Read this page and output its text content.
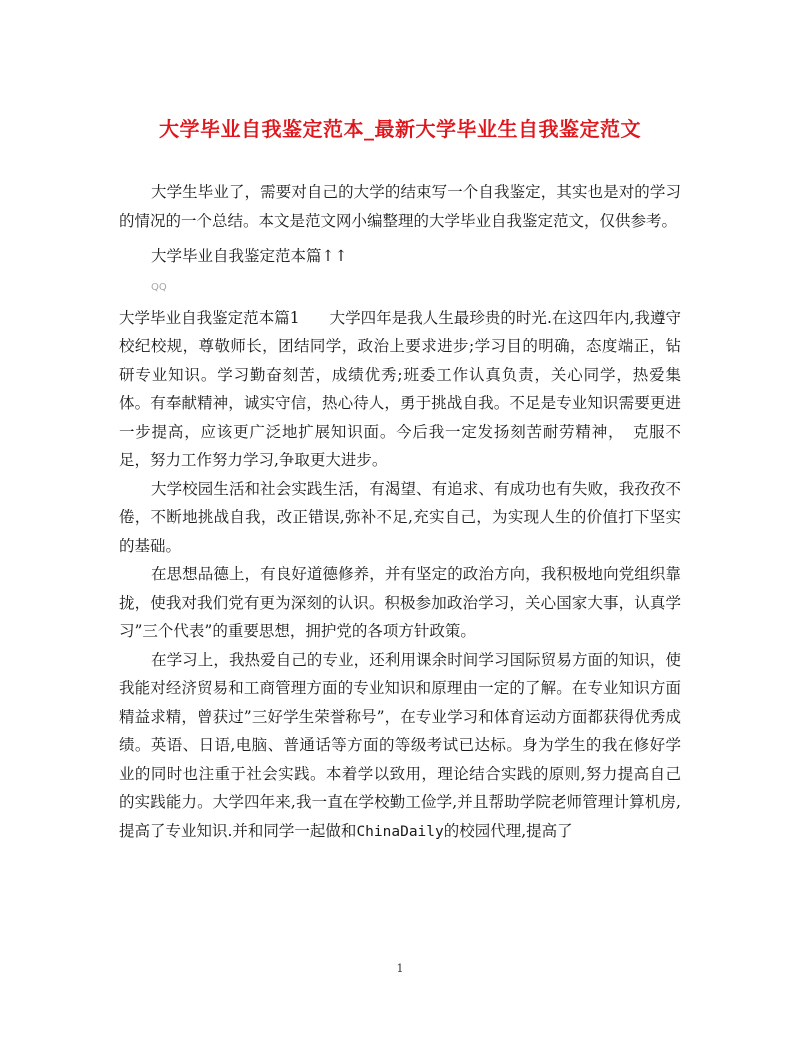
大学毕业自我鉴定范本_最新大学毕业生自我鉴定范文

大学生毕业了，需要对自己的大学的结束写一个自我鉴定，其实也是对的学习的情况的一个总结。本文是范文网小编整理的大学毕业自我鉴定范文，仅供参考。

大学毕业自我鉴定范本篇↑↑

QQ

大学毕业自我鉴定范本篇1 大学四年是我人生最珍贵的时光.在这四年内,我遵守校纪校规，尊敬师长，团结同学，政治上要求进步;学习目的明确，态度端正，钻研专业知识。学习勤奋刻苦，成绩优秀;班委工作认真负责，关心同学，热爱集体。有奉献精神，诚实守信，热心待人，勇于挑战自我。不足是专业知识需要更进一步提高，应该更广泛地扩展知识面。今后我一定发扬刻苦耐劳精神，　克服不足，努力工作努力学习,争取更大进步。

大学校园生活和社会实践生活，有渴望、有追求、有成功也有失败，我孜孜不倦，不断地挑战自我，改正错误,弥补不足,充实自己，为实现人生的价值打下坚实的基础。

在思想品德上，有良好道德修养，并有坚定的政治方向，我积极地向党组织靠拢，使我对我们党有更为深刻的认识。积极参加政治学习，关心国家大事，认真学习”三个代表”的重要思想，拥护党的各项方针政策。

在学习上，我热爱自己的专业，还利用课余时间学习国际贸易方面的知识，使我能对经济贸易和工商管理方面的专业知识和原理由一定的了解。在专业知识方面精益求精，曾获过”三好学生荣誉称号”，在专业学习和体育运动方面都获得优秀成绩。英语、日语,电脑、普通话等方面的等级考试已达标。身为学生的我在修好学业的同时也注重于社会实践。本着学以致用，理论结合实践的原则,努力提高自己的实践能力。大学四年来,我一直在学校勤工俭学,并且帮助学院老师管理计算机房,提高了专业知识.并和同学一起做和ChinaDaily的校园代理,提高了

1
